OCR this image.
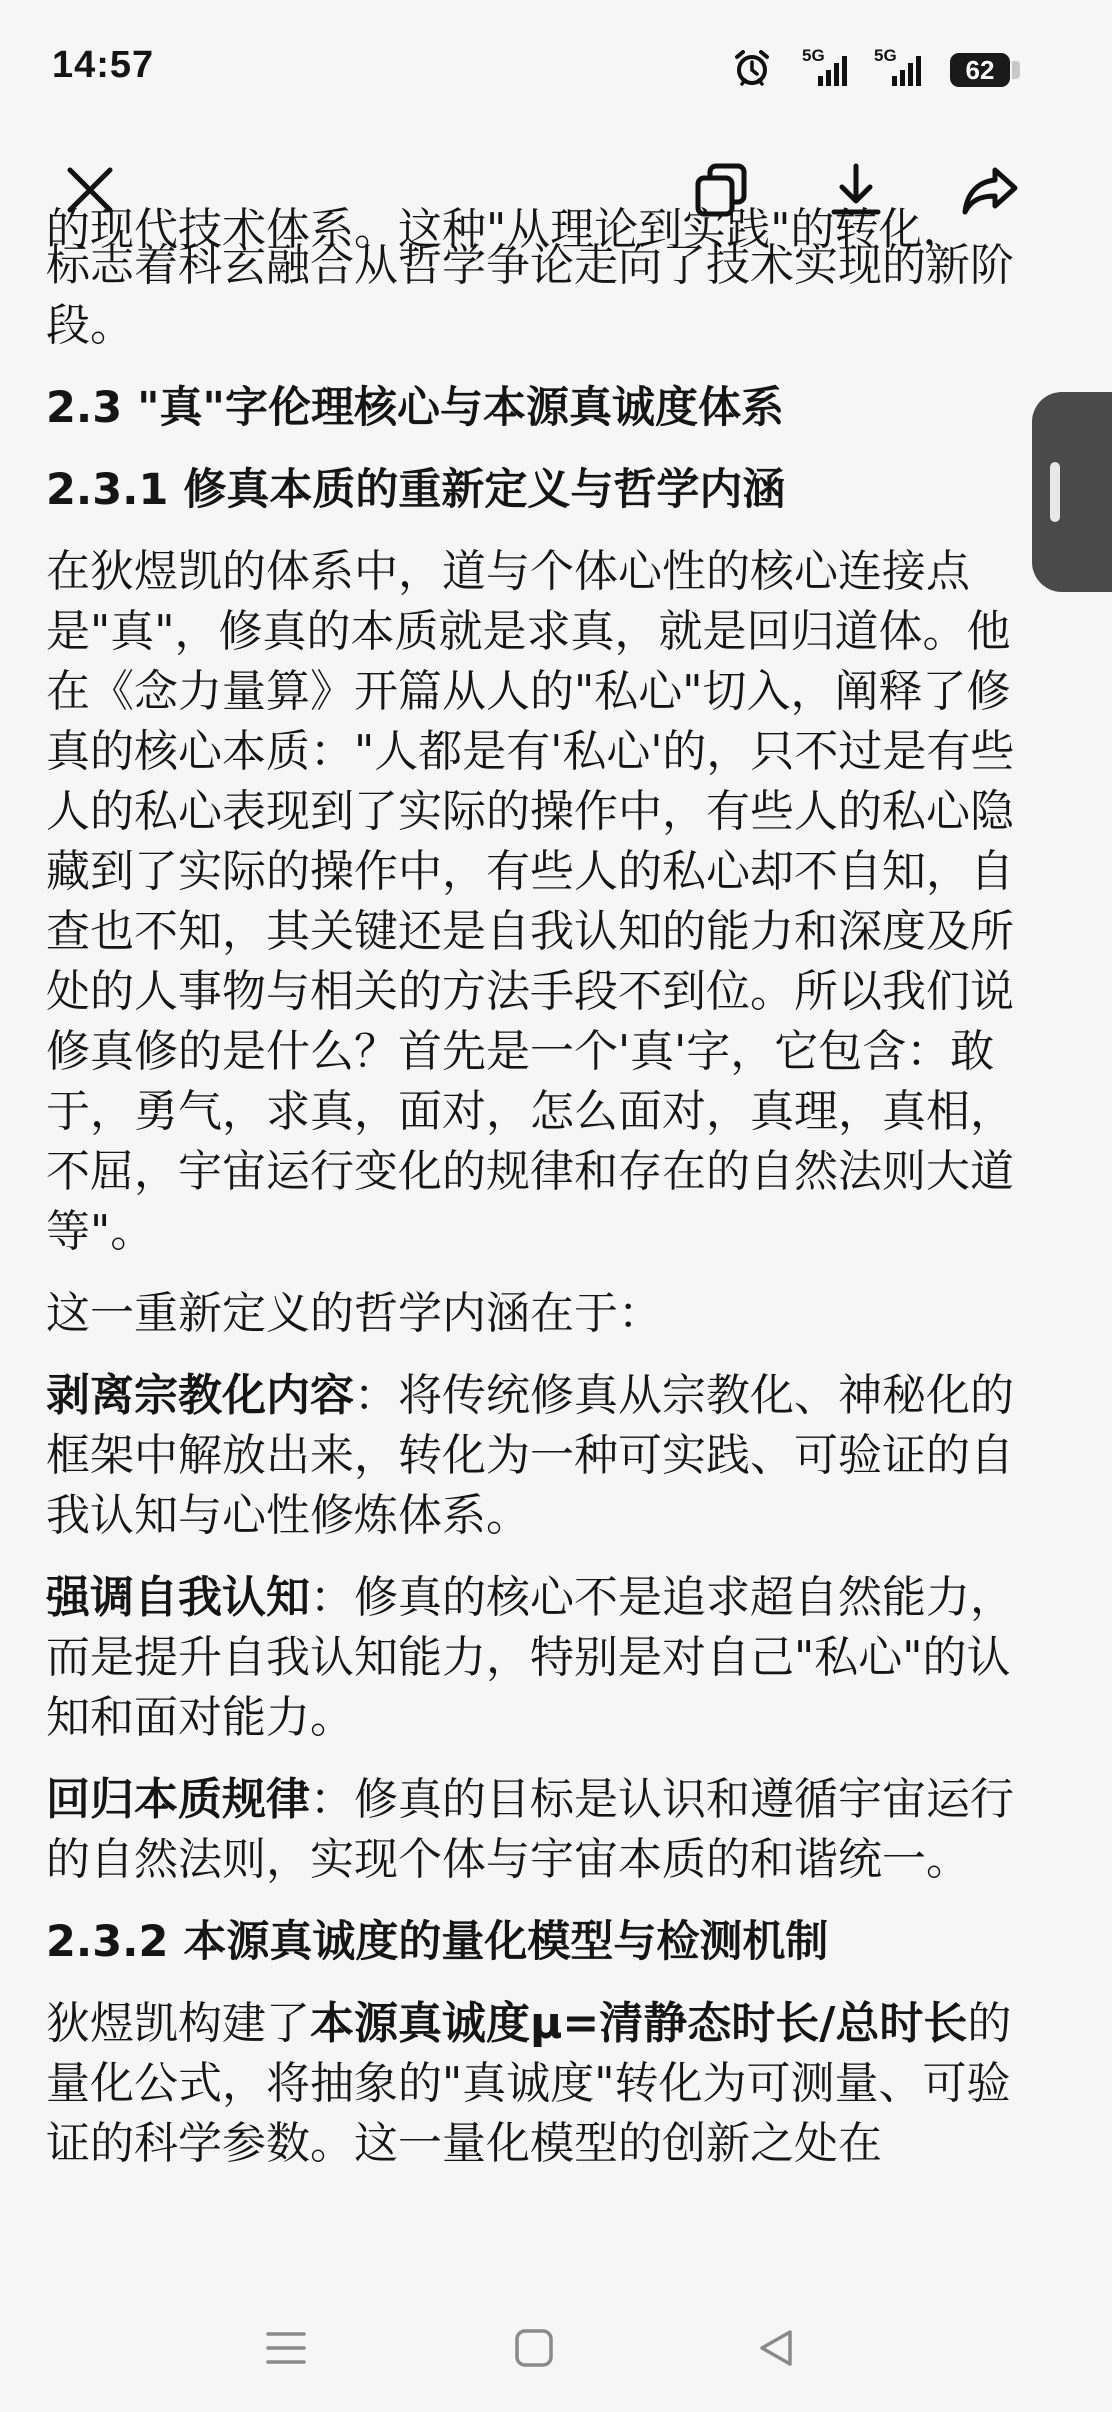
14:57	5G	5G	62
的现代技术体系。这种"从理论到实践"的转化，
标志着科玄融合从哲学争论走向了技术实现的新阶段。
2.3 "真"字伦理核心与本源真诚度体系
2.3.1 修真本质的重新定义与哲学内涵
在狄煜凯的体系中，道与个体心性的核心连接点是"真"，修真的本质就是求真，就是回归道体。他在《念力量算》开篇从人的"私心"切入，阐释了修真的核心本质："人都是有'私心'的，只不过是有些人的私心表现到了实际的操作中，有些人的私心隐藏到了实际的操作中，有些人的私心却不自知，自查也不知，其关键还是自我认知的能力和深度及所处的人事物与相关的方法手段不到位。所以我们说修真修的是什么？首先是一个'真'字，它包含：敢于，勇气，求真，面对，怎么面对，真理，真相，不屈，宇宙运行变化的规律和存在的自然法则大道等"。
这一重新定义的哲学内涵在于：
剥离宗教化内容：将传统修真从宗教化、神秘化的框架中解放出来，转化为一种可实践、可验证的自我认知与心性修炼体系。
强调自我认知：修真的核心不是追求超自然能力，而是提升自我认知能力，特别是对自己"私心"的认知和面对能力。
回归本质规律：修真的目标是认识和遵循宇宙运行的自然法则，实现个体与宇宙本质的和谐统一。
2.3.2 本源真诚度的量化模型与检测机制
狄煜凯构建了本源真诚度μ=清静态时长/总时长的量化公式，将抽象的"真诚度"转化为可测量、可验证的科学参数。这一量化模型的创新之处在
